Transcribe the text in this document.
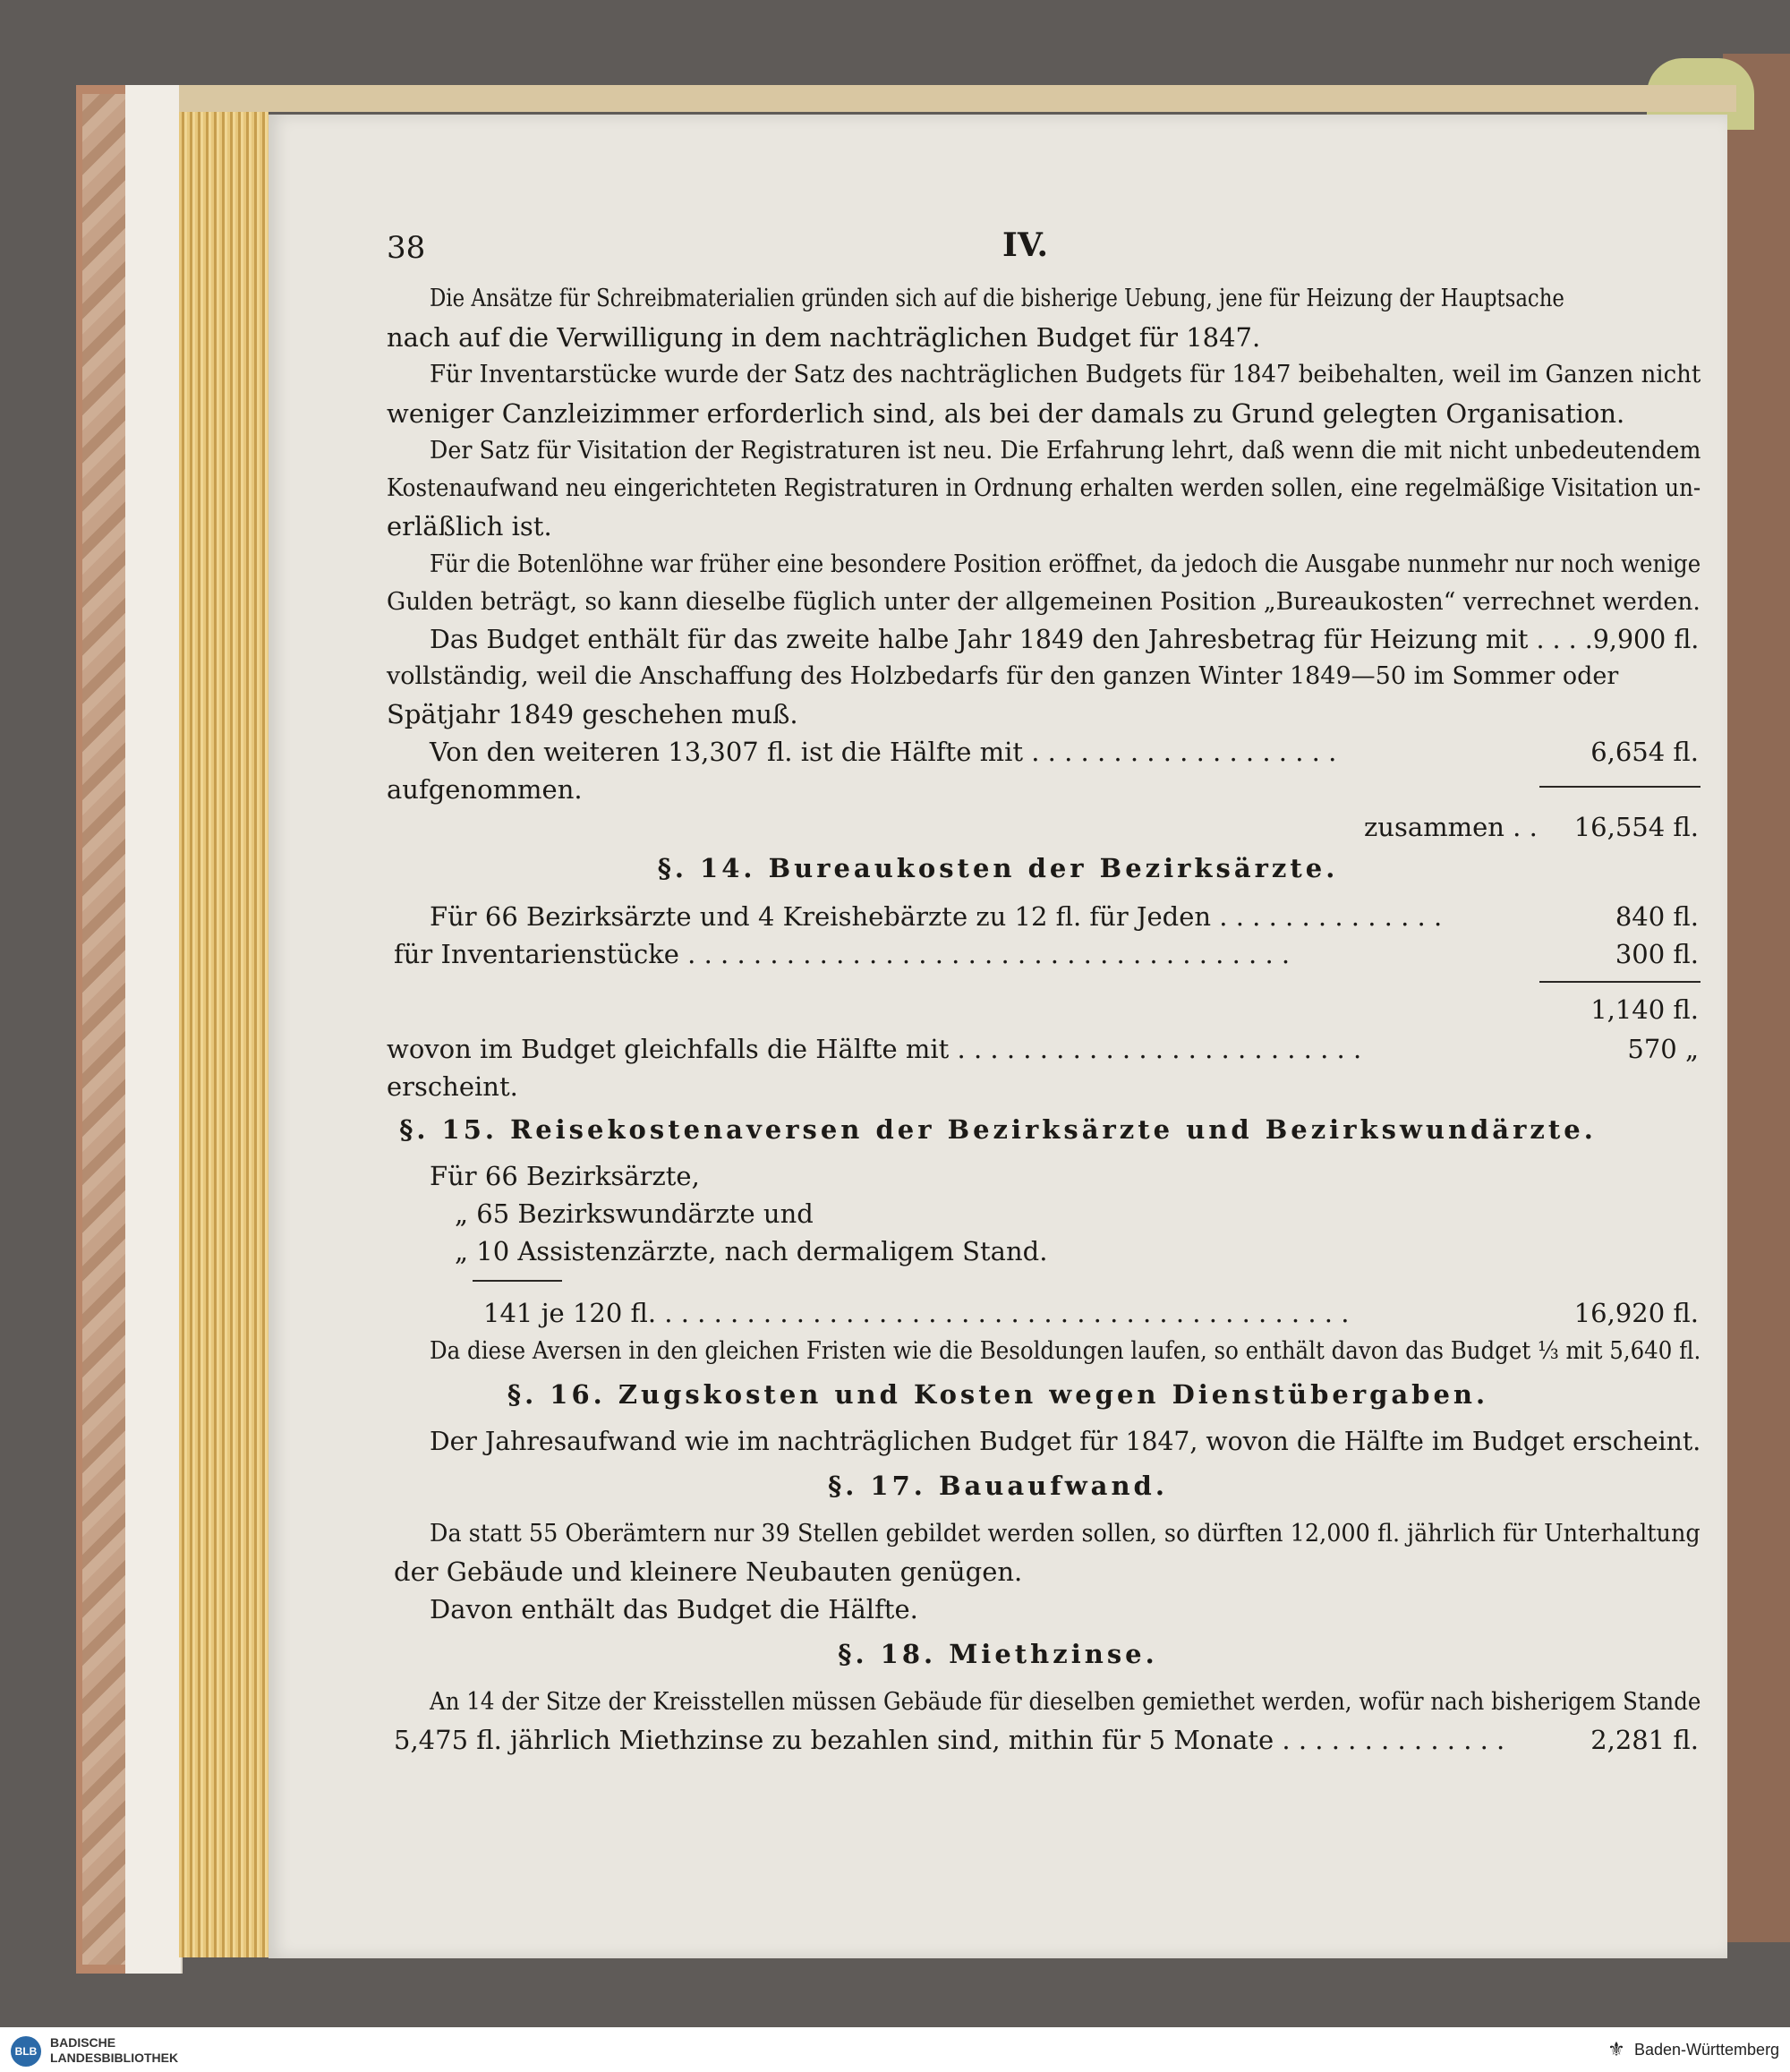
38	IV.
Die Ansätze für Schreibmaterialien gründen sich auf die bisherige Uebung, jene für Heizung der Hauptsache
nach auf die Verwilligung in dem nachträglichen Budget für 1847.
Für Inventarstücke wurde der Satz des nachträglichen Budgets für 1847 beibehalten, weil im Ganzen nicht
weniger Canzleizimmer erforderlich sind, als bei der damals zu Grund gelegten Organisation.
Der Satz für Visitation der Registraturen ist neu. Die Erfahrung lehrt, daß wenn die mit nicht unbedeutendem
Kostenaufwand neu eingerichteten Registraturen in Ordnung erhalten werden sollen, eine regelmäßige Visitation un-
erläßlich ist.
Für die Botenlöhne war früher eine besondere Position eröffnet, da jedoch die Ausgabe nunmehr nur noch wenige
Gulden beträgt, so kann dieselbe füglich unter der allgemeinen Position „Bureaukosten“ verrechnet werden.
Das Budget enthält für das zweite halbe Jahr 1849 den Jahresbetrag für Heizung mit . . . . 9,900 fl.
vollständig, weil die Anschaffung des Holzbedarfs für den ganzen Winter 1849—50 im Sommer oder
Spätjahr 1849 geschehen muß.
Von den weiteren 13,307 fl. ist die Hälfte mit . . . . . . . . . . . . . . . . . . .	6,654 fl.
aufgenommen.
zusammen . . 16,554 fl.
§. 14. Bureaukosten der Bezirksärzte.
Für 66 Bezirksärzte und 4 Kreishebärzte zu 12 fl. für Jeden . . . . . . . . . . . . . .	840 fl.
für Inventarienstücke . . . . . . . . . . . . . . . . . . . . . . . . . . . . . . . . . . . . .	300 fl.
1,140 fl.
wovon im Budget gleichfalls die Hälfte mit . . . . . . . . . . . . . . . . . . . . . . . . .	570 „
erscheint.
§. 15. Reisekostenaversen der Bezirksärzte und Bezirkswundärzte.
Für 66 Bezirksärzte,
„ 65 Bezirkswundärzte und
„ 10 Assistenzärzte, nach dermaligem Stand.
141 je 120 fl. . . . . . . . . . . . . . . . . . . . . . . . . . . . . . . . . . . . . . . . . . .	16,920 fl.
Da diese Aversen in den gleichen Fristen wie die Besoldungen laufen, so enthält davon das Budget ⅓ mit 5,640 fl.
§. 16. Zugskosten und Kosten wegen Dienstübergaben.
Der Jahresaufwand wie im nachträglichen Budget für 1847, wovon die Hälfte im Budget erscheint.
§. 17. Bauaufwand.
Da statt 55 Oberämtern nur 39 Stellen gebildet werden sollen, so dürften 12,000 fl. jährlich für Unterhaltung
der Gebäude und kleinere Neubauten genügen.
Davon enthält das Budget die Hälfte.
§. 18. Miethzinse.
An 14 der Sitze der Kreisstellen müssen Gebäude für dieselben gemiethet werden, wofür nach bisherigem Stande
5,475 fl. jährlich Miethzinse zu bezahlen sind, mithin für 5 Monate . . . . . . . . . . . . . .	2,281 fl.
BLB
BADISCHE
LANDESBIBLIOTHEK	⚜ Baden-Württemberg
